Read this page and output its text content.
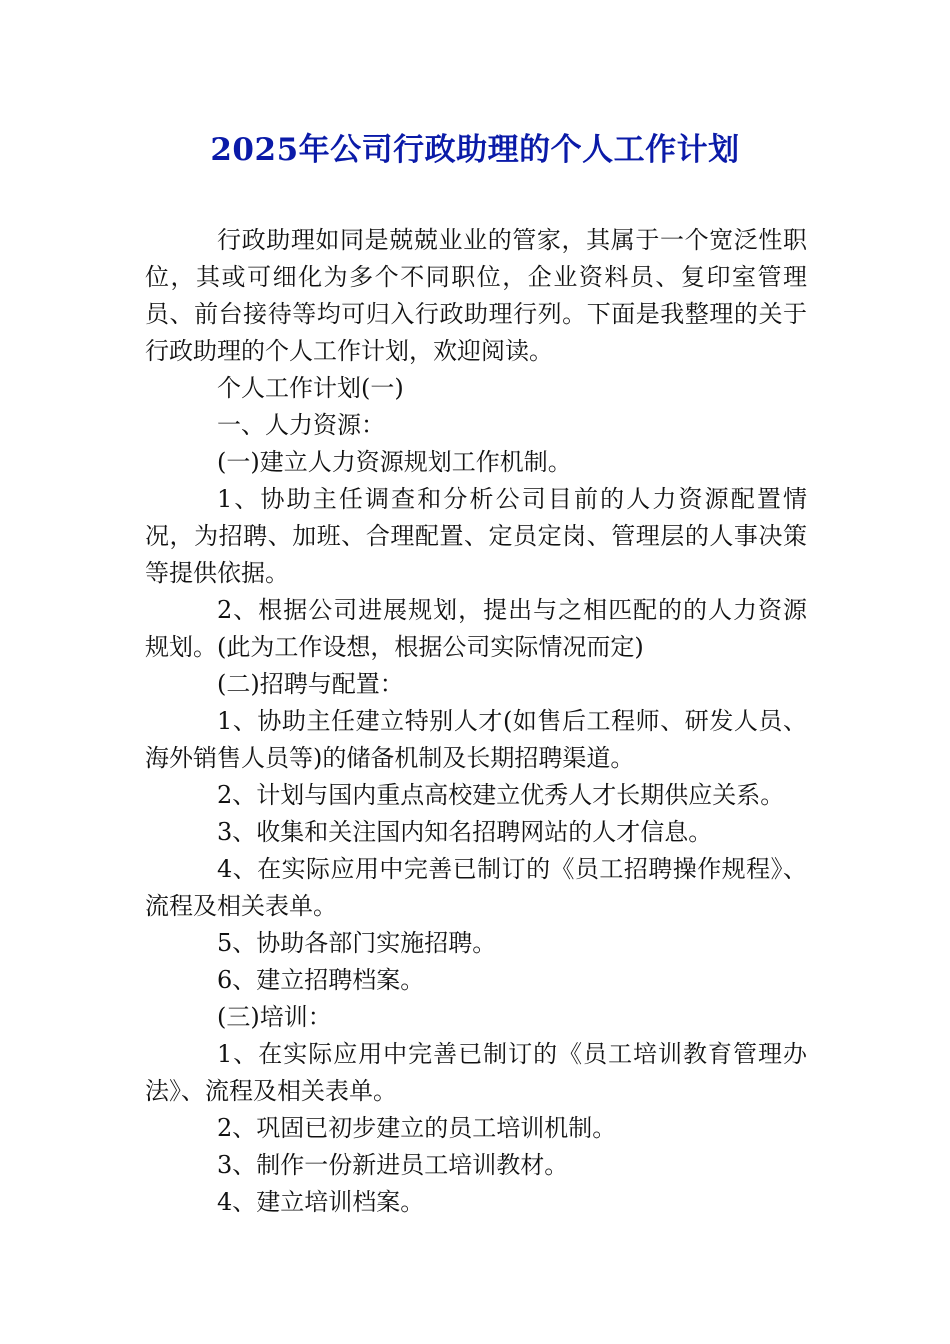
2025年公司行政助理的个人工作计划

行政助理如同是兢兢业业的管家，其属于一个宽泛性职位，其或可细化为多个不同职位，企业资料员、复印室管理员、前台接待等均可归入行政助理行列。下面是我整理的关于行政助理的个人工作计划，欢迎阅读。

个人工作计划(一)

一、人力资源：

(一)建立人力资源规划工作机制。

1、协助主任调查和分析公司目前的人力资源配置情况，为招聘、加班、合理配置、定员定岗、管理层的人事决策等提供依据。

2、根据公司进展规划，提出与之相匹配的的人力资源规划。(此为工作设想，根据公司实际情况而定)

(二)招聘与配置：

1、协助主任建立特别人才(如售后工程师、研发人员、海外销售人员等)的储备机制及长期招聘渠道。

2、计划与国内重点高校建立优秀人才长期供应关系。

3、收集和关注国内知名招聘网站的人才信息。

4、在实际应用中完善已制订的《员工招聘操作规程》、流程及相关表单。

5、协助各部门实施招聘。

6、建立招聘档案。

(三)培训：

1、在实际应用中完善已制订的《员工培训教育管理办法》、流程及相关表单。

2、巩固已初步建立的员工培训机制。

3、制作一份新进员工培训教材。

4、建立培训档案。
